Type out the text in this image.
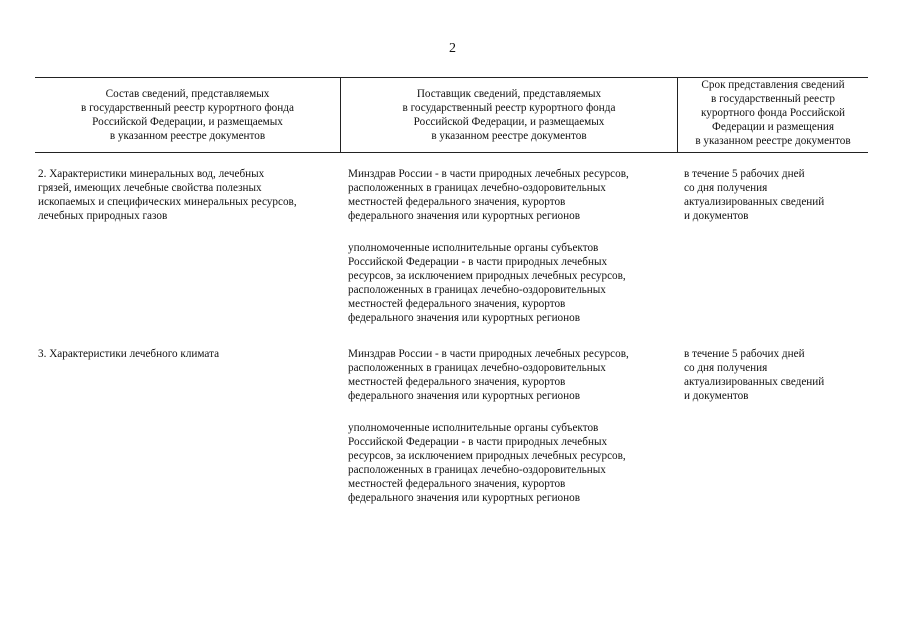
2
Состав сведений, представляемых
в государственный реестр курортного фонда
Российской Федерации, и размещаемых
в указанном реестре документов
Поставщик сведений, представляемых
в государственный реестр курортного фонда
Российской Федерации, и размещаемых
в указанном реестре документов
Срок представления сведений
в государственный реестр
курортного фонда Российской
Федерации и размещения
в указанном реестре документов
2. Характеристики минеральных вод, лечебных
грязей, имеющих лечебные свойства полезных
ископаемых и специфических минеральных ресурсов,
лечебных природных газов
Минздрав России - в части природных лечебных ресурсов,
расположенных в границах лечебно-оздоровительных
местностей федерального значения, курортов
федерального значения или курортных регионов
уполномоченные исполнительные органы субъектов
Российской Федерации - в части природных лечебных
ресурсов, за исключением природных лечебных ресурсов,
расположенных в границах лечебно-оздоровительных
местностей федерального значения, курортов
федерального значения или курортных регионов
в течение 5 рабочих дней
со дня получения
актуализированных сведений
и документов
3. Характеристики лечебного климата	Минздрав России - в части природных лечебных ресурсов,
расположенных в границах лечебно-оздоровительных
местностей федерального значения, курортов
федерального значения или курортных регионов
уполномоченные исполнительные органы субъектов
Российской Федерации - в части природных лечебных
ресурсов, за исключением природных лечебных ресурсов,
расположенных в границах лечебно-оздоровительных
местностей федерального значения, курортов
федерального значения или курортных регионов
в течение 5 рабочих дней
со дня получения
актуализированных сведений
и документов
